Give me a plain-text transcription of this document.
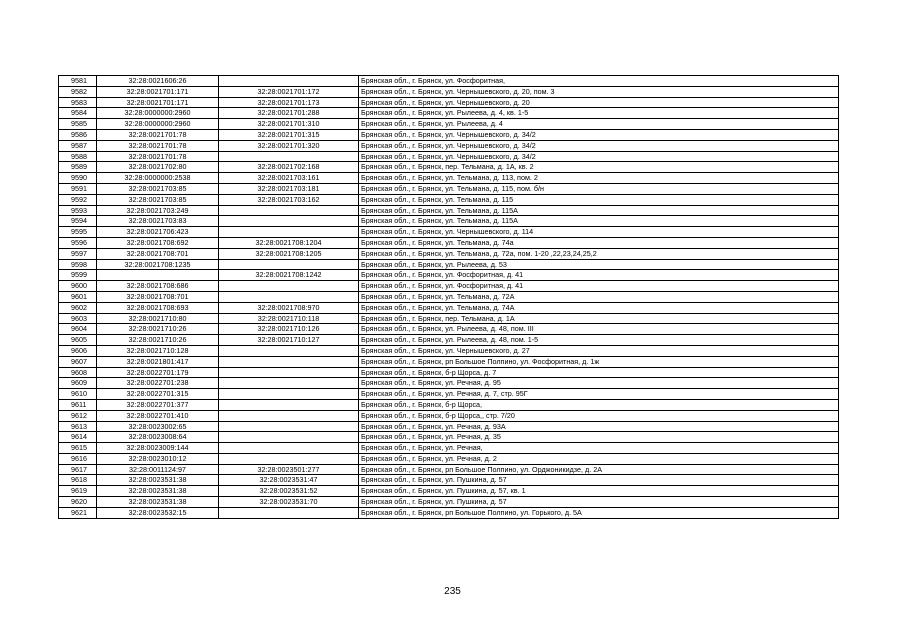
9581	32:28:0021606:26		Брянская обл., г. Брянск, ул. Фосфоритная,
9582	32:28:0021701:171	32:28:0021701:172	Брянская обл., г. Брянск, ул. Чернышевского, д. 20, пом. 3
9583	32:28:0021701:171	32:28:0021701:173	Брянская обл., г. Брянск, ул. Чернышевского, д. 20
9584	32:28:0000000:2960	32:28:0021701:288	Брянская обл., г. Брянск, ул. Рылеева, д. 4, кв. 1-5
9585	32:28:0000000:2960	32:28:0021701:310	Брянская обл., г. Брянск, ул. Рылеева, д. 4
9586	32:28:0021701:78	32:28:0021701:315	Брянская обл., г. Брянск, ул. Чернышевского, д. 34/2
9587	32:28:0021701:78	32:28:0021701:320	Брянская обл., г. Брянск, ул. Чернышевского, д. 34/2
9588	32:28:0021701:78		Брянская обл., г. Брянск, ул. Чернышевского, д. 34/2
9589	32:28:0021702:80	32:28:0021702:168	Брянская обл., г. Брянск, пер. Тельмана, д. 1А, кв. 2
9590	32:28:0000000:2538	32:28:0021703:161	Брянская обл., г. Брянск, ул. Тельмана, д. 113, пом. 2
9591	32:28:0021703:85	32:28:0021703:181	Брянская обл., г. Брянск, ул. Тельмана, д. 115, пом. б/н
9592	32:28:0021703:85	32:28:0021703:162	Брянская обл., г. Брянск, ул. Тельмана, д. 115
9593	32:28:0021703:249		Брянская обл., г. Брянск, ул. Тельмана, д. 115А
9594	32:28:0021703:83		Брянская обл., г. Брянск, ул. Тельмана, д. 115А
9595	32:28:0021706:423		Брянская обл., г. Брянск, ул. Чернышевского, д. 114
9596	32:28:0021708:692	32:28:0021708:1204	Брянская обл., г. Брянск, ул. Тельмана, д. 74а
9597	32:28:0021708:701	32:28:0021708:1205	Брянская обл., г. Брянск, ул. Тельмана, д. 72а, пом. 1-20 ,22,23,24,25,2
9598	32:28:0021708:1235		Брянская обл., г. Брянск, ул. Рылеева, д. 53
9599		32:28:0021708:1242	Брянская обл., г. Брянск, ул. Фосфоритная, д. 41
9600	32:28:0021708:686		Брянская обл., г. Брянск, ул. Фосфоритная, д. 41
9601	32:28:0021708:701		Брянская обл., г. Брянск, ул. Тельмана, д. 72А
9602	32:28:0021708:693	32:28:0021708:970	Брянская обл., г. Брянск, ул. Тельмана, д. 74А
9603	32:28:0021710:80	32:28:0021710:118	Брянская обл., г. Брянск, пер. Тельмана, д. 1А
9604	32:28:0021710:26	32:28:0021710:126	Брянская обл., г. Брянск, ул. Рылеева, д. 48, пом. III
9605	32:28:0021710:26	32:28:0021710:127	Брянская обл., г. Брянск, ул. Рылеева, д. 48, пом. 1-5
9606	32:28:0021710:128		Брянская обл., г. Брянск, ул. Чернышевского, д. 27
9607	32:28:0021801:417		Брянская обл., г. Брянск, рп Большое Полпино, ул. Фосфоритная, д. 1ж
9608	32:28:0022701:179		Брянская обл., г. Брянск, б-р Щорса, д. 7
9609	32:28:0022701:238		Брянская обл., г. Брянск, ул. Речная, д. 95
9610	32:28:0022701:315		Брянская обл., г. Брянск, ул. Речная, д. 7, стр. 95Г
9611	32:28:0022701:377		Брянская обл., г. Брянск, б-р Щорса,
9612	32:28:0022701:410		Брянская обл., г. Брянск, б-р Щорса,, стр. 7/20
9613	32:28:0023002:65		Брянская обл., г. Брянск, ул. Речная, д. 93А
9614	32:28:0023008:64		Брянская обл., г. Брянск, ул. Речная, д. 35
9615	32:28:0023009:144		Брянская обл., г. Брянск, ул. Речная,
9616	32:28:0023010:12		Брянская обл., г. Брянск, ул. Речная, д. 2
9617	32:28:0011124:97	32:28:0023501:277	Брянская обл., г. Брянск, рп Большое Полпино, ул. Орджоникидзе, д. 2А
9618	32:28:0023531:38	32:28:0023531:47	Брянская обл., г. Брянск, ул. Пушкина, д. 57
9619	32:28:0023531:38	32:28:0023531:52	Брянская обл., г. Брянск, ул. Пушкина, д. 57, кв. 1
9620	32:28:0023531:38	32:28:0023531:70	Брянская обл., г. Брянск, ул. Пушкина, д. 57
9621	32:28:0023532:15		Брянская обл., г. Брянск, рп Большое Полпино, ул. Горького, д. 5А
235
